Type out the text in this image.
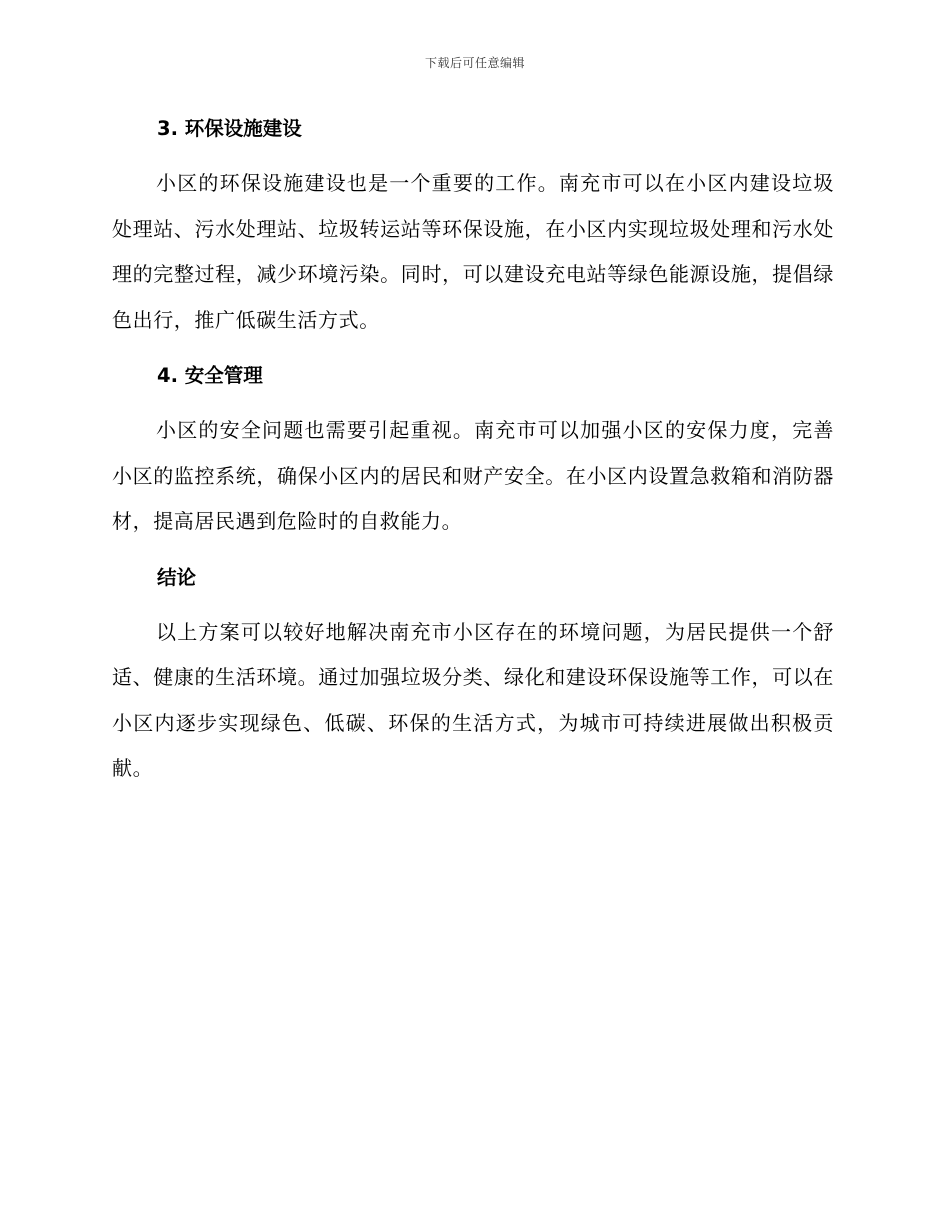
下载后可任意编辑
3. 环保设施建设

小区的环保设施建设也是一个重要的工作。南充市可以在小区内建设垃圾处理站、污水处理站、垃圾转运站等环保设施，在小区内实现垃圾处理和污水处理的完整过程，减少环境污染。同时，可以建设充电站等绿色能源设施，提倡绿色出行，推广低碳生活方式。

4. 安全管理

小区的安全问题也需要引起重视。南充市可以加强小区的安保力度，完善小区的监控系统，确保小区内的居民和财产安全。在小区内设置急救箱和消防器材，提高居民遇到危险时的自救能力。

结论

以上方案可以较好地解决南充市小区存在的环境问题，为居民提供一个舒适、健康的生活环境。通过加强垃圾分类、绿化和建设环保设施等工作，可以在小区内逐步实现绿色、低碳、环保的生活方式，为城市可持续进展做出积极贡献。
